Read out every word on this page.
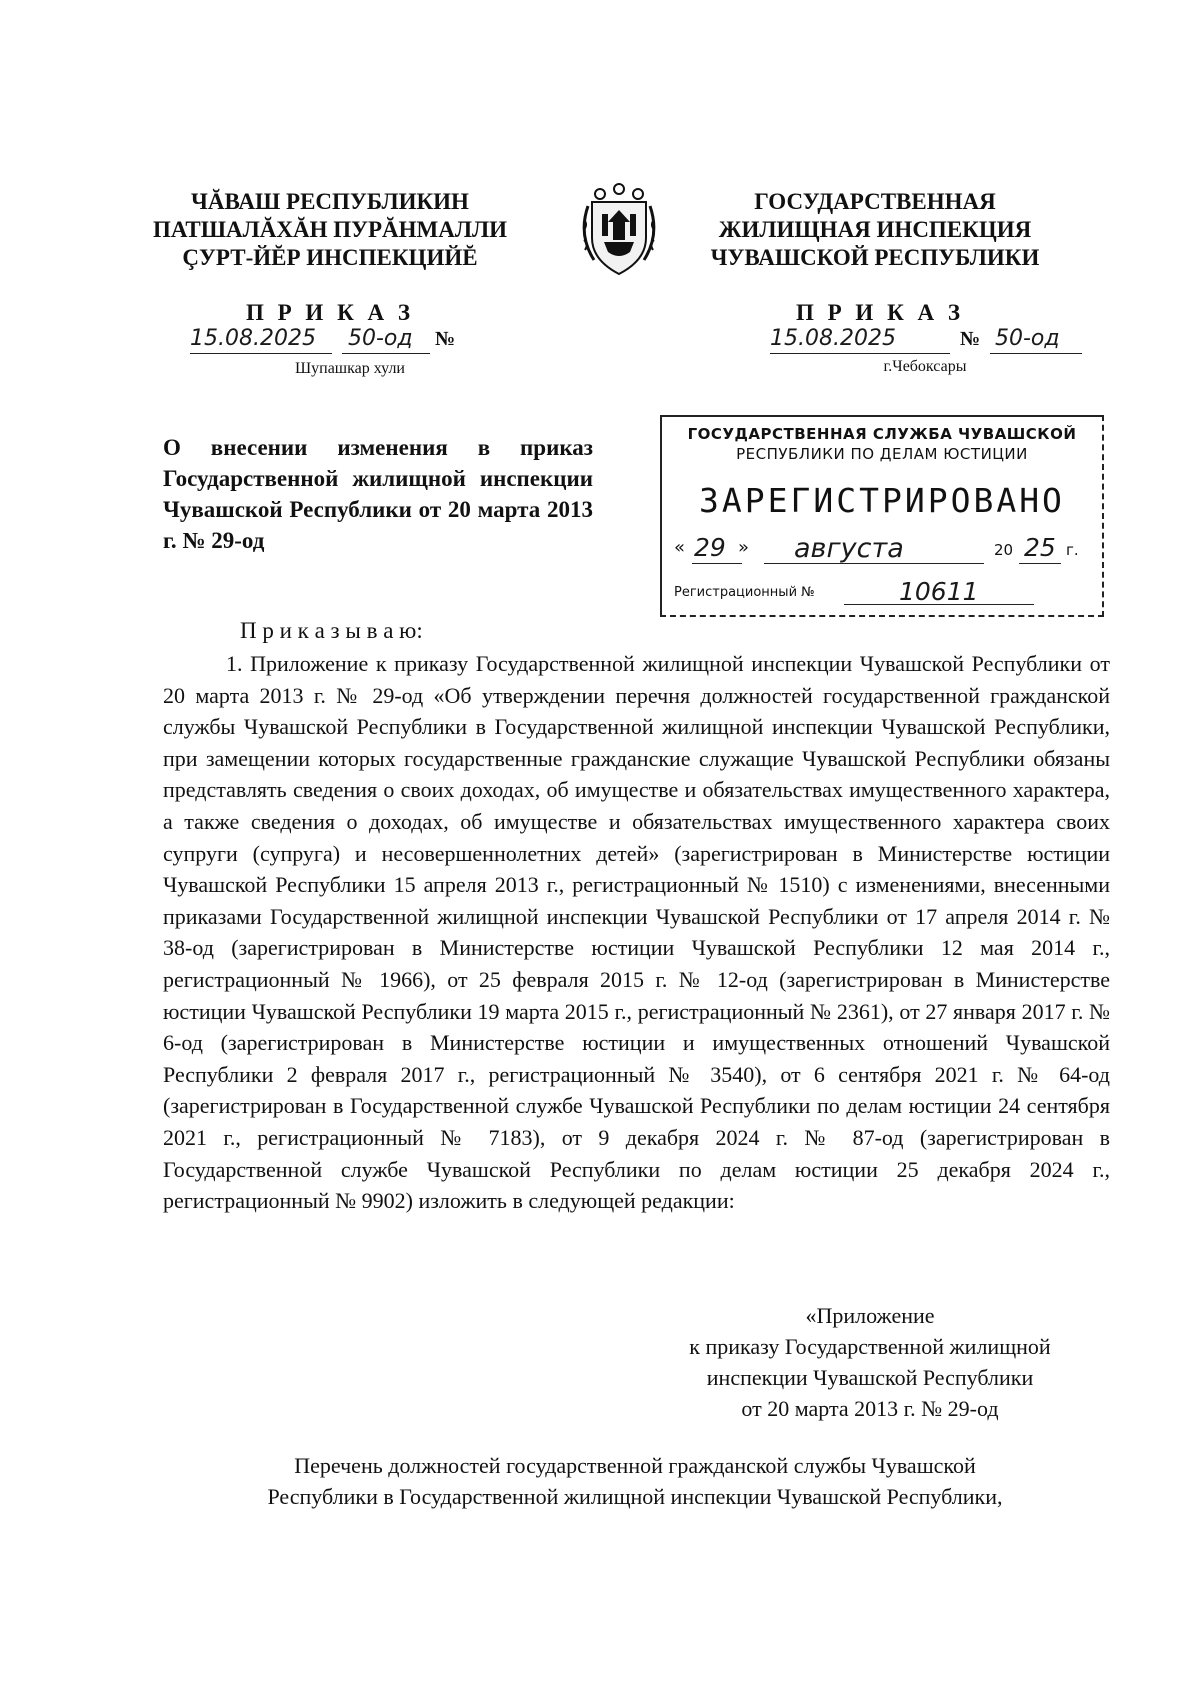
ЧĂВАШ РЕСПУБЛИКИН
ПАТШАЛĂХĂН ПУРĂНМАЛЛИ
ÇУРТ-ЙĔР ИНСПЕКЦИЙĔ
П Р И К А З
15.08.2025 50-од №
Шупашкар хули
ГОСУДАРСТВЕННАЯ
ЖИЛИЩНАЯ ИНСПЕКЦИЯ
ЧУВАШСКОЙ РЕСПУБЛИКИ
П Р И К А З
15.08.2025	№ 50-од
г.Чебоксары
О внесении изменения в приказ Государственной жилищной инспекции Чувашской Республики от 20 марта 2013 г. № 29-од
ГОСУДАРСТВЕННАЯ СЛУЖБА ЧУВАШСКОЙ
РЕСПУБЛИКИ ПО ДЕЛАМ ЮСТИЦИИ
ЗАРЕГИСТРИРОВАНО
« 29 » августа	20 25 г.
Регистрационный №	10611
П р и к а з ы в а ю:
1. Приложение к приказу Государственной жилищной инспекции Чувашской Республики от 20 марта 2013 г. № 29-од «Об утверждении перечня должностей государственной гражданской службы Чувашской Республики в Государственной жилищной инспекции Чувашской Республики, при замещении которых государственные гражданские служащие Чувашской Республики обязаны представлять сведения о своих доходах, об имуществе и обязательствах имущественного характера, а также сведения о доходах, об имуществе и обязательствах имущественного характера своих супруги (супруга) и несовершеннолетних детей» (зарегистрирован в Министерстве юстиции Чувашской Республики 15 апреля 2013 г., регистрационный № 1510) с изменениями, внесенными приказами Государственной жилищной инспекции Чувашской Республики от 17 апреля 2014 г. № 38-од (зарегистрирован в Министерстве юстиции Чувашской Республики 12 мая 2014 г., регистрационный № 1966), от 25 февраля 2015 г. № 12-од (зарегистрирован в Министерстве юстиции Чувашской Республики 19 марта 2015 г., регистрационный № 2361), от 27 января 2017 г. № 6-од (зарегистрирован в Министерстве юстиции и имущественных отношений Чувашской Республики 2 февраля 2017 г., регистрационный № 3540), от 6 сентября 2021 г. № 64-од (зарегистрирован в Государственной службе Чувашской Республики по делам юстиции 24 сентября 2021 г., регистрационный № 7183), от 9 декабря 2024 г. № 87-од (зарегистрирован в Государственной службе Чувашской Республики по делам юстиции 25 декабря 2024 г., регистрационный № 9902) изложить в следующей редакции:
«Приложение
к приказу Государственной жилищной
инспекции Чувашской Республики
от 20 марта 2013 г. № 29-од
Перечень должностей государственной гражданской службы Чувашской
Республики в Государственной жилищной инспекции Чувашской Республики,
